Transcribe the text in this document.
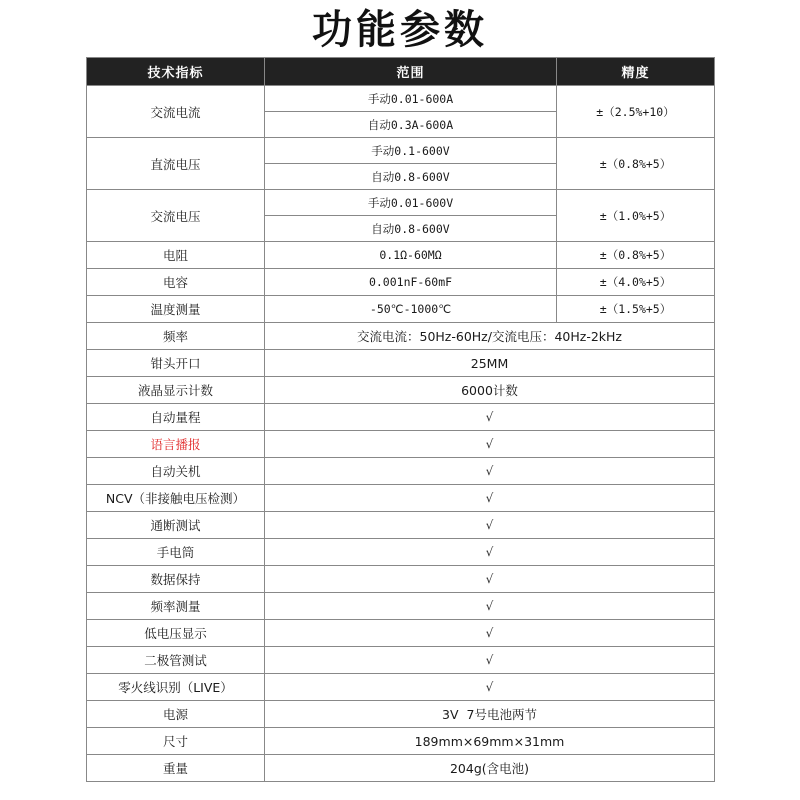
功能参数
技术指标	范围	精度
交流电流	手动0.01-600A	±（2.5%+10）
	自动0.3A-600A	
直流电压	手动0.1-600V	±（0.8%+5）
	自动0.8-600V	
交流电压	手动0.01-600V	±（1.0%+5）
	自动0.8-600V	
电阻	0.1Ω-60MΩ	±（0.8%+5）
电容	0.001nF-60mF	±（4.0%+5）
温度测量	-50℃-1000℃	±（1.5%+5）
频率	交流电流：50Hz-60Hz/交流电压：40Hz-2kHz	
钳头开口	25MM	
液晶显示计数	6000计数	
自动量程	√	
语言播报	√	
自动关机	√	
NCV（非接触电压检测）	√	
通断测试	√	
手电筒	√	
数据保持	√	
频率测量	√	
低电压显示	√	
二极管测试	√	
零火线识别（LIVE）	√	
电源	3V  7号电池两节	
尺寸	189mm×69mm×31mm	
重量	204g(含电池)	
